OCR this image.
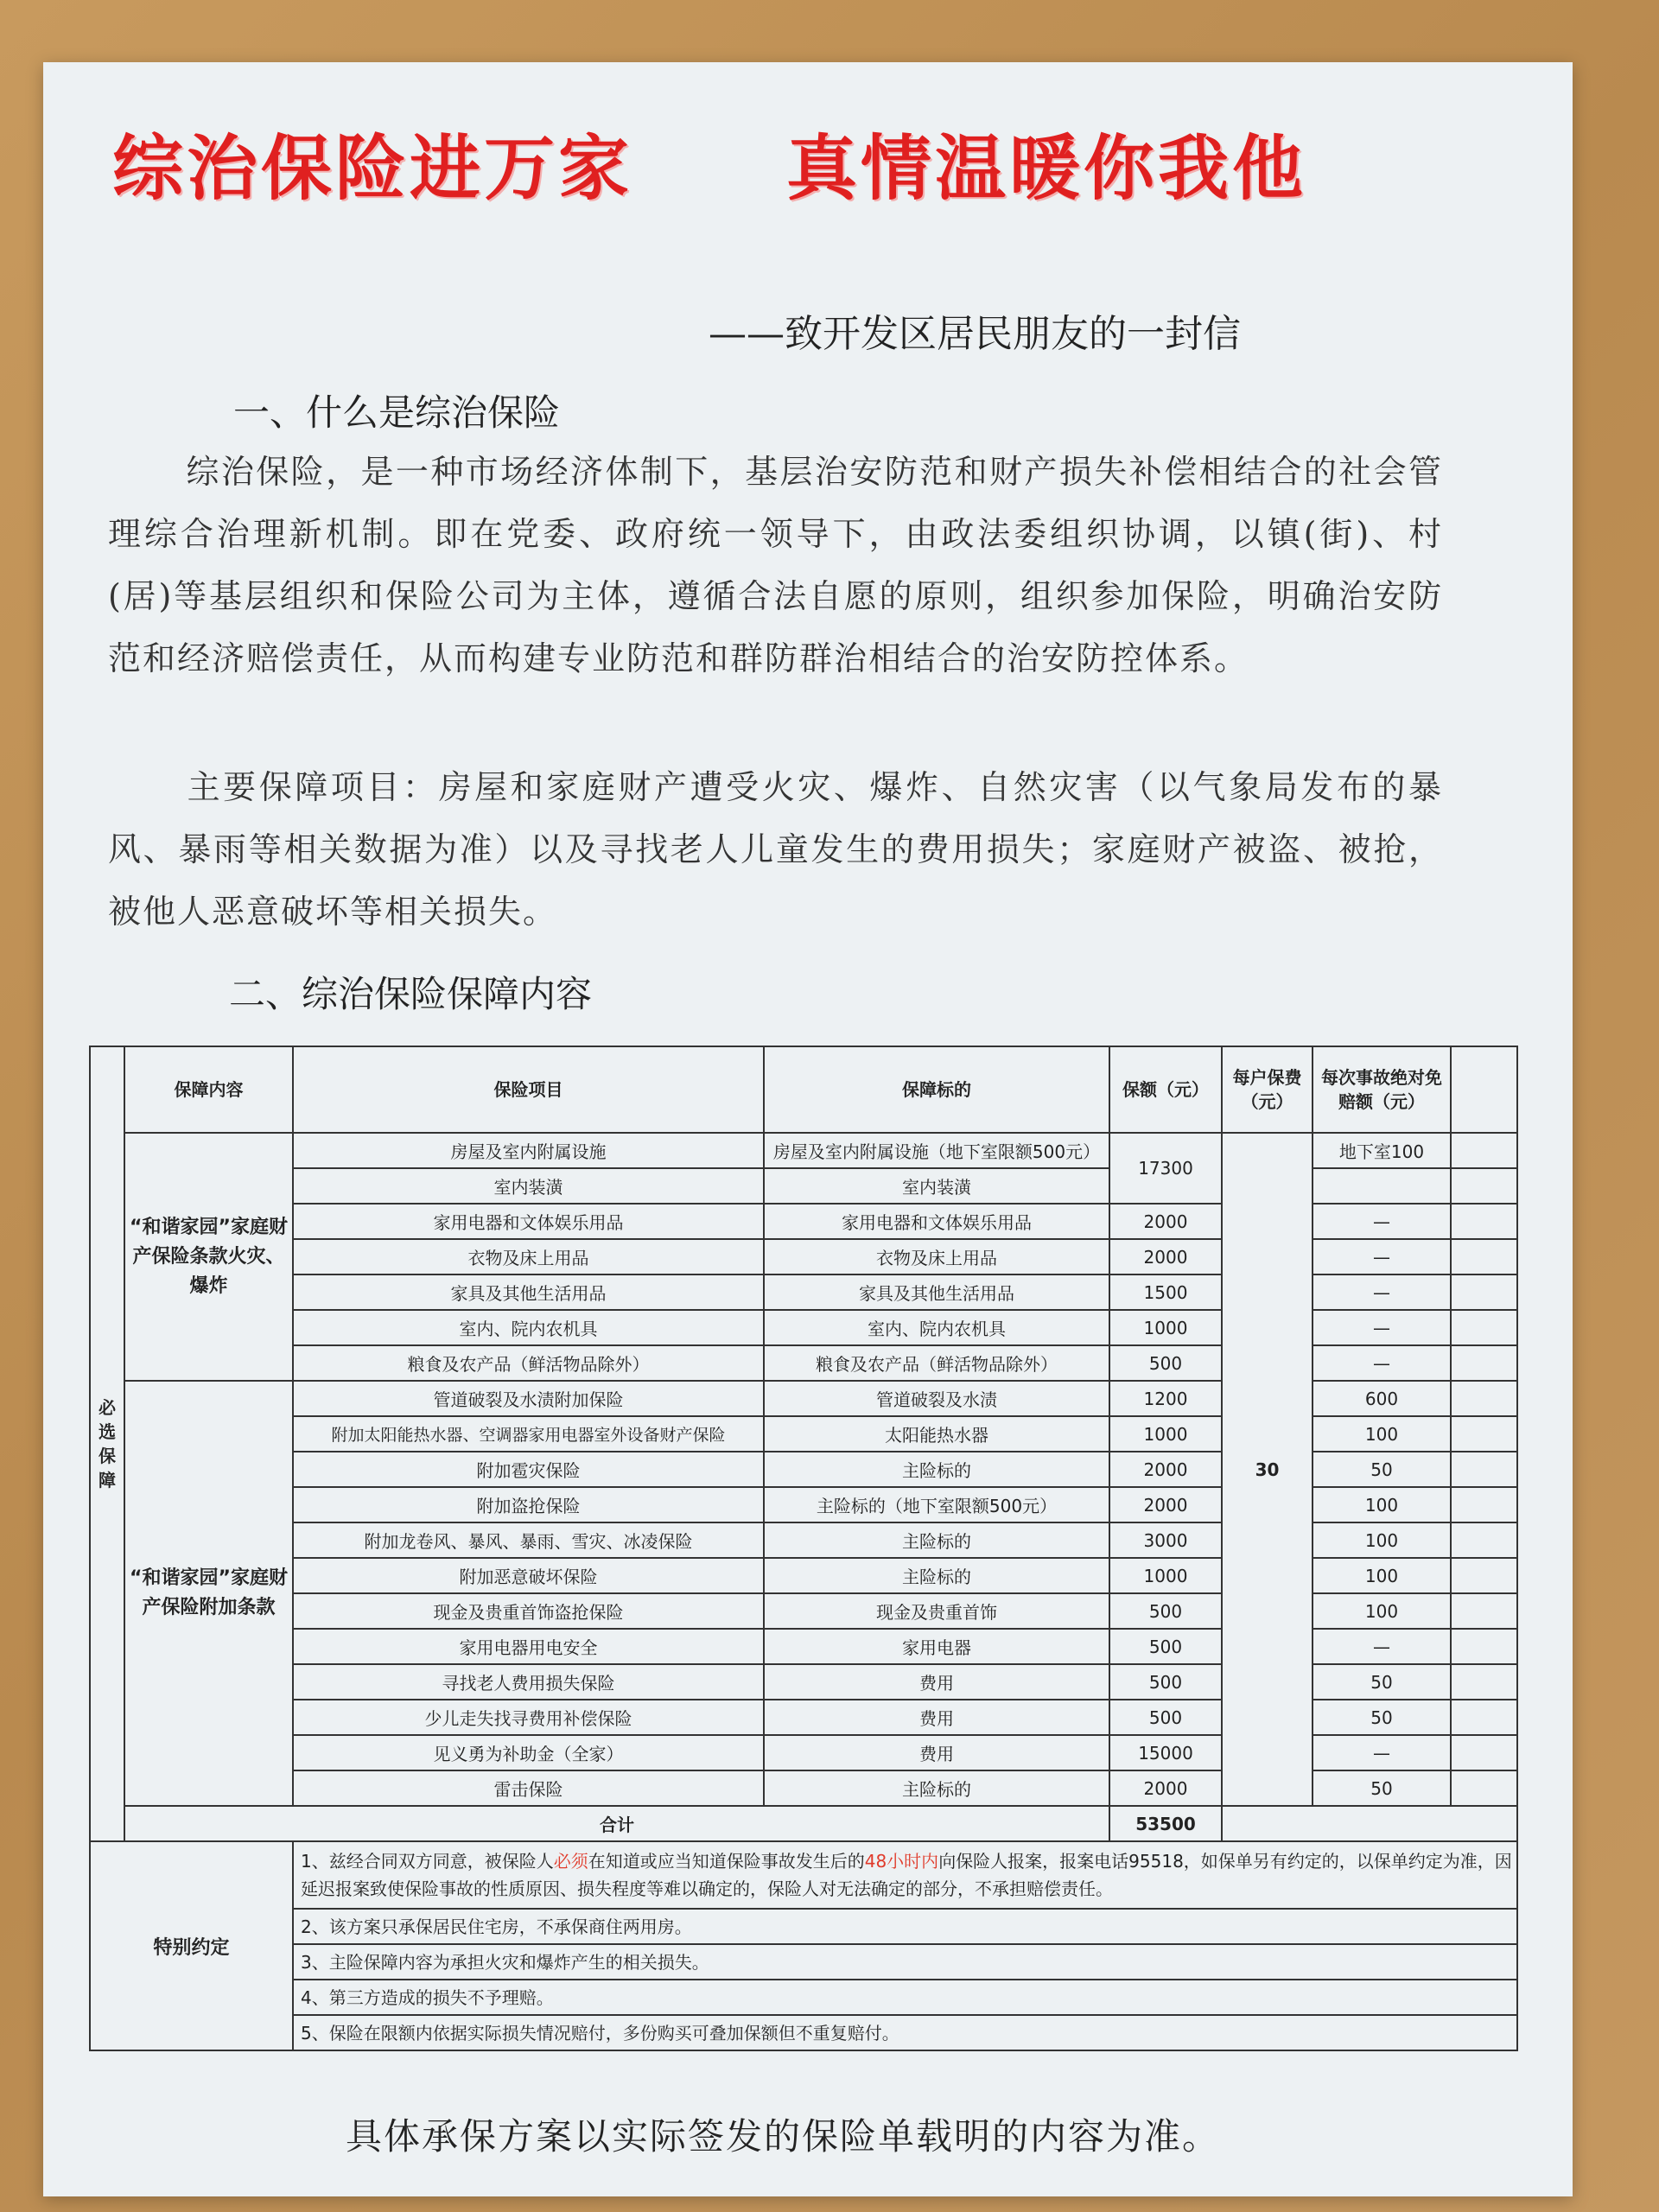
综治保险进万家 真情温暖你我他
——致开发区居民朋友的一封信
一、什么是综治保险
综治保险，是一种市场经济体制下，基层治安防范和财产损失补偿相结合的社会管理综合治理新机制。即在党委、政府统一领导下，由政法委组织协调，以镇(街)、村(居)等基层组织和保险公司为主体，遵循合法自愿的原则，组织参加保险，明确治安防范和经济赔偿责任，从而构建专业防范和群防群治相结合的治安防控体系。
主要保障项目：房屋和家庭财产遭受火灾、爆炸、自然灾害（以气象局发布的暴风、暴雨等相关数据为准）以及寻找老人儿童发生的费用损失；家庭财产被盗、被抢，被他人恶意破坏等相关损失。
二、综治保险保障内容
必选保障	保障内容	保险项目	保障标的	保额（元）	每户保费（元）	每次事故绝对免赔额（元）	
	“和谐家园”家庭财产保险条款火灾、爆炸	房屋及室内附属设施	房屋及室内附属设施（地下室限额500元）	17300	30	地下室100	
		室内装潢	室内装潢				
		家用电器和文体娱乐用品	家用电器和文体娱乐用品	2000		—	
		衣物及床上用品	衣物及床上用品	2000		—	
		家具及其他生活用品	家具及其他生活用品	1500		—	
		室内、院内农机具	室内、院内农机具	1000		—	
		粮食及农产品（鲜活物品除外）	粮食及农产品（鲜活物品除外）	500		—	
	“和谐家园”家庭财产保险附加条款	管道破裂及水渍附加保险	管道破裂及水渍	1200		600	
		附加太阳能热水器、空调器家用电器室外设备财产保险	太阳能热水器	1000		100	
		附加雹灾保险	主险标的	2000		50	
		附加盗抢保险	主险标的（地下室限额500元）	2000		100	
		附加龙卷风、暴风、暴雨、雪灾、冰凌保险	主险标的	3000		100	
		附加恶意破坏保险	主险标的	1000		100	
		现金及贵重首饰盗抢保险	现金及贵重首饰	500		100	
		家用电器用电安全	家用电器	500		—	
		寻找老人费用损失保险	费用	500		50	
		少儿走失找寻费用补偿保险	费用	500		50	
		见义勇为补助金（全家）	费用	15000		—	
		雷击保险	主险标的	2000		50	
	合计			53500			
特别约定		1、兹经合同双方同意，被保险人必须在知道或应当知道保险事故发生后的48小时内向保险人报案，报案电话95518，如保单另有约定的，以保单约定为准，因延迟报案致使保险事故的性质原因、损失程度等难以确定的，保险人对无法确定的部分，不承担赔偿责任。					
		2、该方案只承保居民住宅房，不承保商住两用房。					
		3、主险保障内容为承担火灾和爆炸产生的相关损失。					
		4、第三方造成的损失不予理赔。					
		5、保险在限额内依据实际损失情况赔付，多份购买可叠加保额但不重复赔付。					
具体承保方案以实际签发的保险单载明的内容为准。
